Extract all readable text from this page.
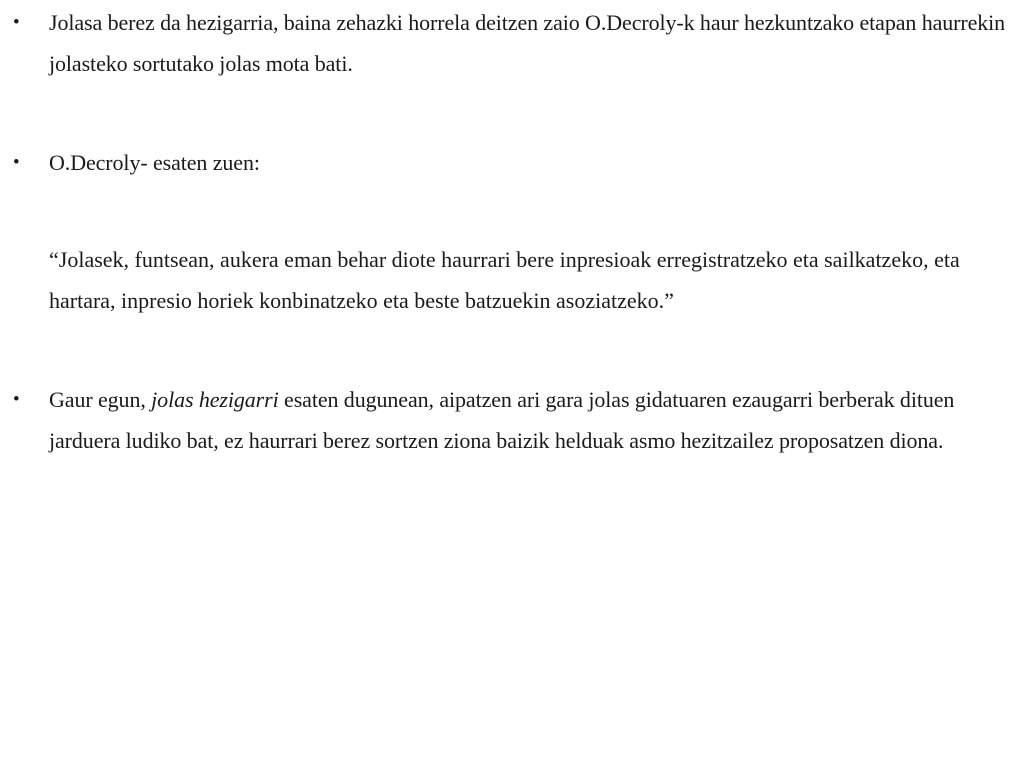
• Jolasa berez da hezigarria, baina zehazki horrela deitzen zaio O.Decroly-k haur hezkuntzako etapan haurrekin jolasteko sortutako jolas mota bati.
• O.Decroly- esaten zuen:
“Jolasek, funtsean, aukera eman behar diote haurrari bere inpresioak erregistratzeko eta sailkatzeko, eta hartara, inpresio horiek konbinatzeko eta beste batzuekin asoziatzeko.”
• Gaur egun, jolas hezigarri esaten dugunean, aipatzen ari gara jolas gidatuaren ezaugarri berberak dituen jarduera ludiko bat, ez haurrari berez sortzen ziona baizik helduak asmo hezitzailez proposatzen diona.
